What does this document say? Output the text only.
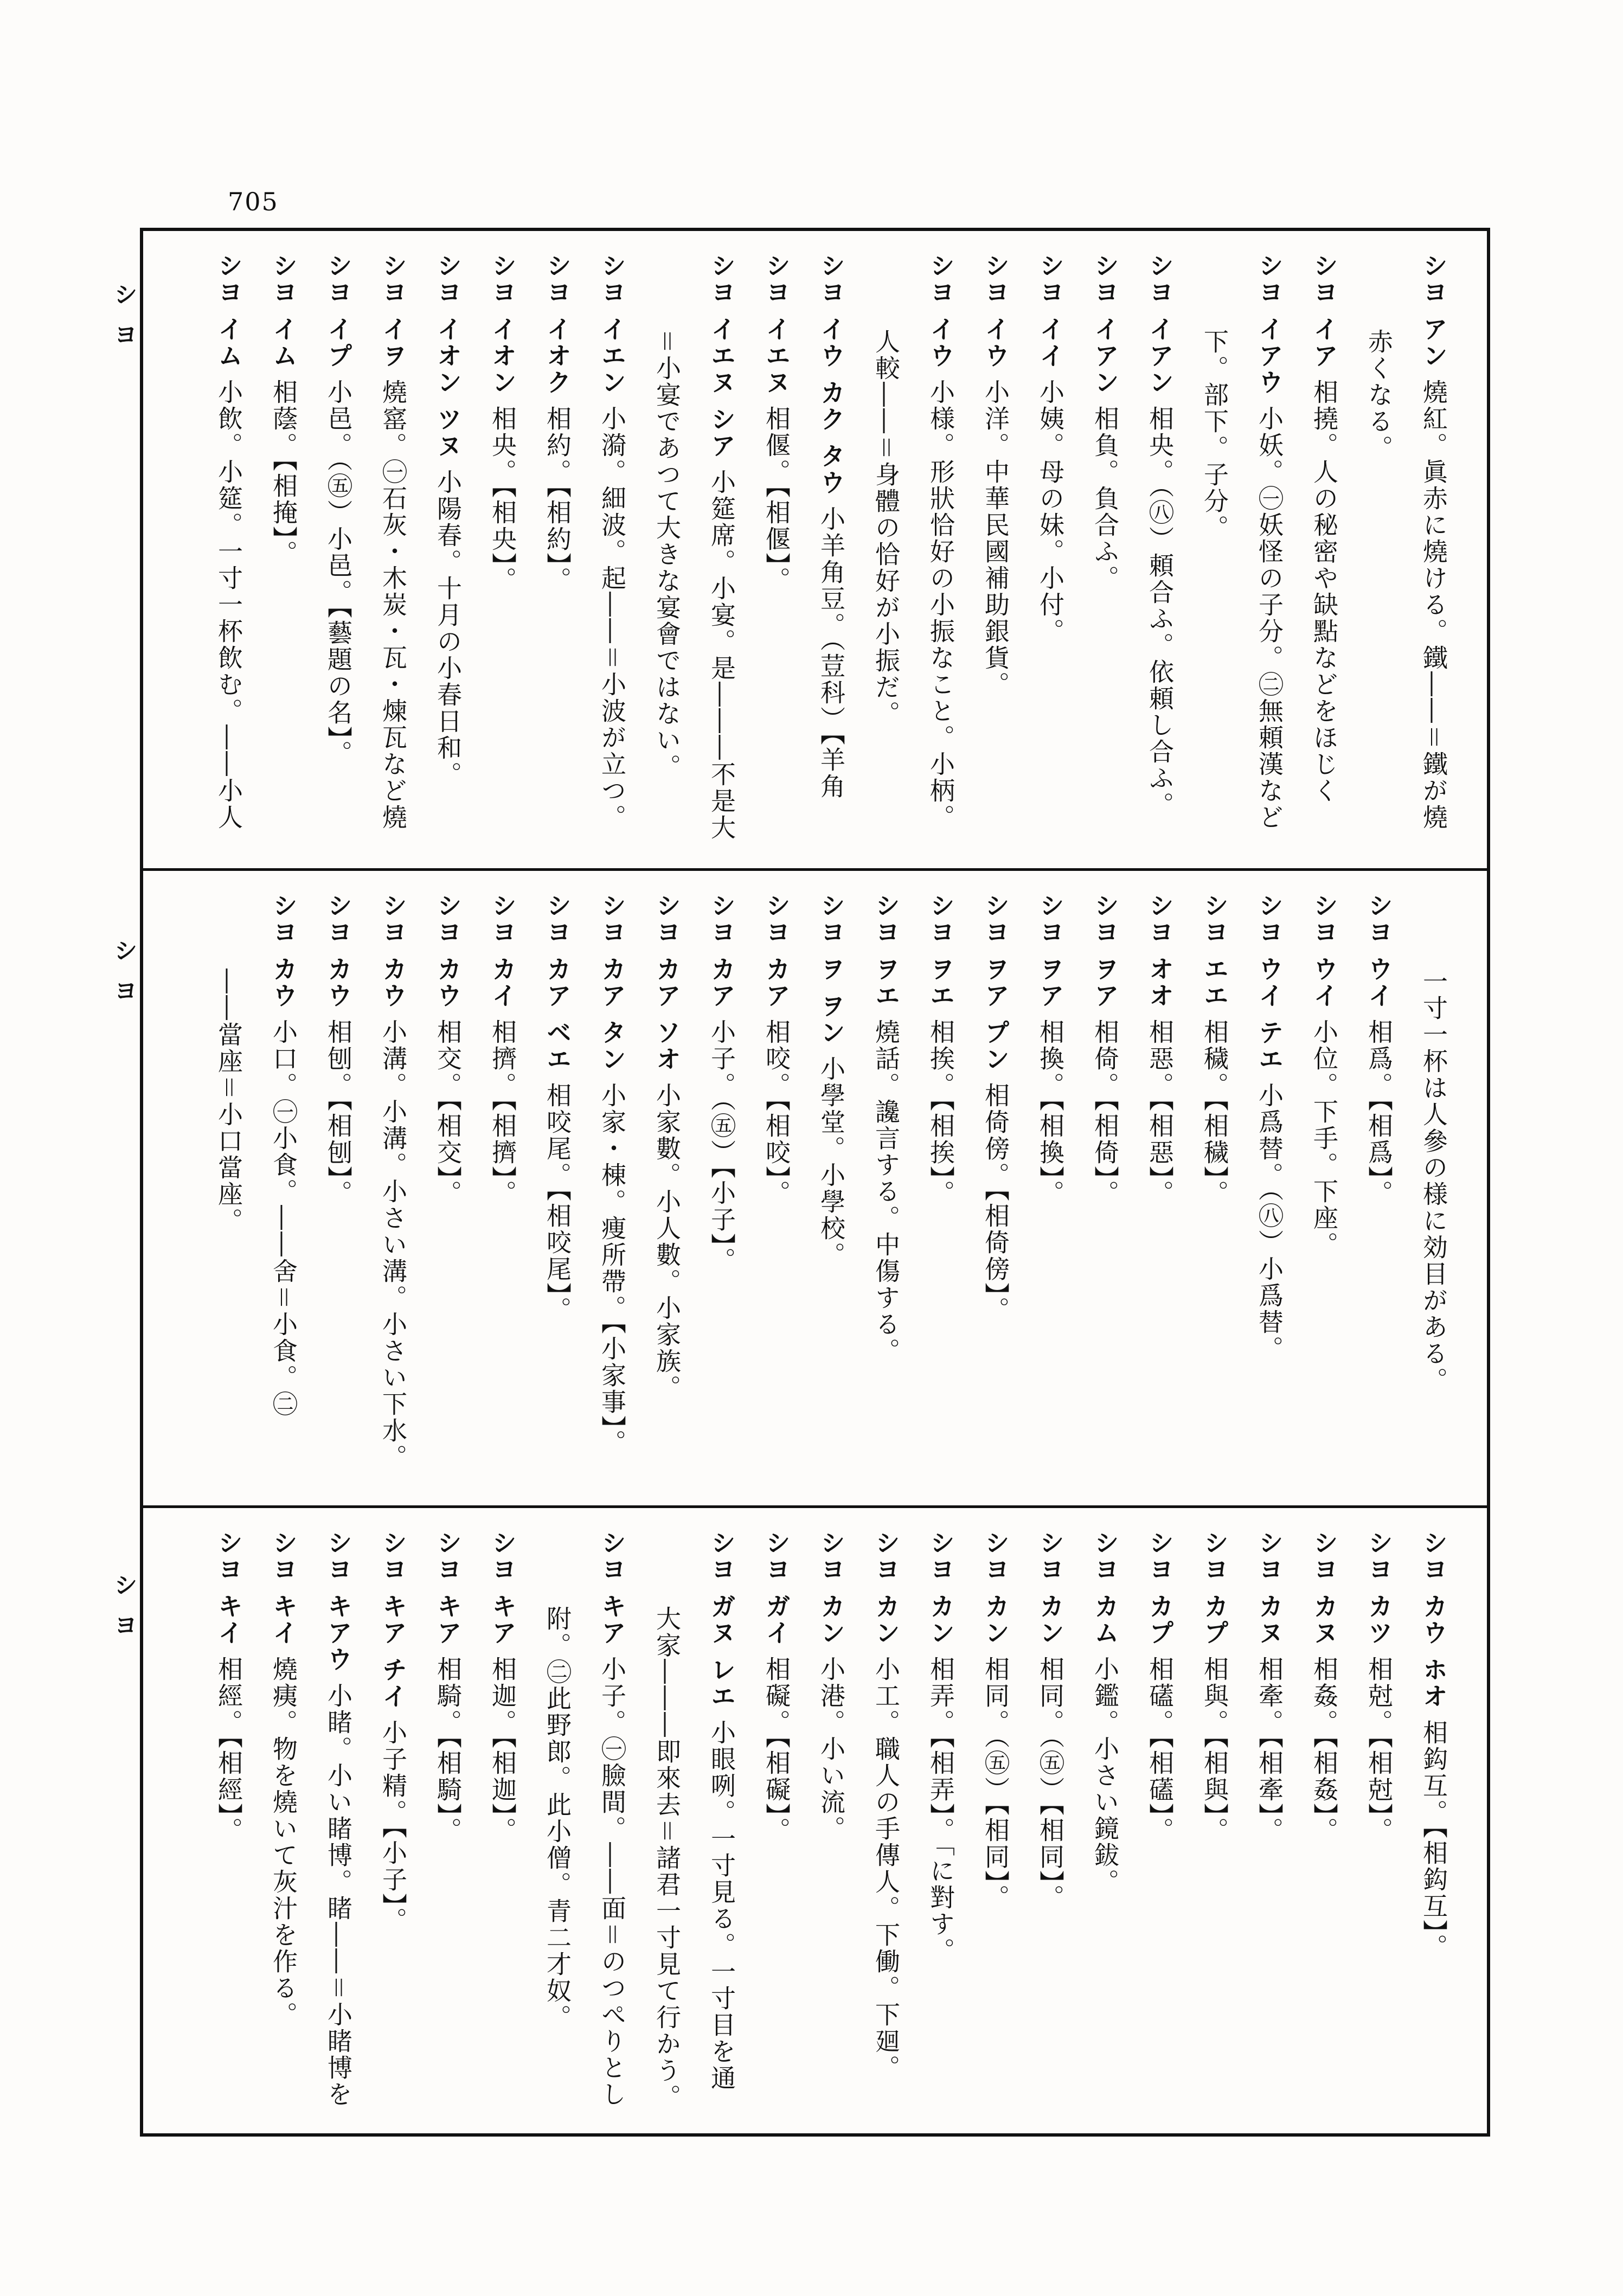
705
シヨ
シヨ
シヨ
シヨ アン燒紅。眞赤に燒ける。鐵――＝鐵が燒
赤くなる。
シヨ イア相撓。人の秘密や缺點などをほじく
シヨ イアウ小妖。㊀妖怪の子分。㊁無頼漢など
下。部下。子分。
シヨ イアン相央。（㊇）頼合ふ。依頼し合ふ。
シヨ イアン相負。負合ふ。
シヨ イイ小姨。母の妹。小付。
シヨ イウ小洋。中華民國補助銀貨。
シヨ イウ小様。形狀恰好の小振なこと。小柄。
人較――＝身體の恰好が小振だ。
シヨ イウ カク タウ小羊角豆。（荳科）【羊角
シヨ イエヌ相偃。【相偃】。
シヨ イエヌ シア小筵席。小宴。是―――不是大
＝小宴であつて大きな宴會ではない。
シヨ イエン小漪。細波。起――＝小波が立つ。
シヨ イオク相約。【相約】。
シヨ イオン相央。【相央】。
シヨ イオン ツヌ小陽春。十月の小春日和。
シヨ イヲ燒窰。㊀石灰・木炭・瓦・煉瓦など燒
シヨ イプ小邑。（㊄）小邑。【藝題の名】。
シヨ イム相蔭。【相掩】。
シヨ イム小飲。小筵。一寸一杯飲む。――小人
一寸一杯は人參の様に効目がある。
シヨ ウイ相爲。【相爲】。
シヨ ウイ小位。下手。下座。
シヨ ウイ テエ小爲替。（㊇）小爲替。
シヨ エエ相穢。【相穢】。
シヨ オオ相惡。【相惡】。
シヨ ヲア相倚。【相倚】。
シヨ ヲア相換。【相換】。
シヨ ヲア プン相倚傍。【相倚傍】。
シヨ ヲエ相挨。【相挨】。
シヨ ヲエ燒話。讒言する。中傷する。
シヨ ヲ ヲン小學堂。小學校。
シヨ カア相咬。【相咬】。
シヨ カア小子。（㊄）【小子】。
シヨ カア ソオ小家數。小人數。小家族。
シヨ カア タン小家・棟。痩所帶。【小家事】。
シヨ カア ベエ相咬尾。【相咬尾】。
シヨ カイ相擠。【相擠】。
シヨ カウ相交。【相交】。
シヨ カウ小溝。小溝。小さい溝。小さい下水。
シヨ カウ相刨。【相刨】。
シヨ カウ小口。㊀小食。――舍＝小食。㊁
――當座＝小口當座。
シヨ カウ ホオ相鈎互。【相鈎互】。
シヨ カツ相尅。【相尅】。
シヨ カヌ相姦。【相姦】。
シヨ カヌ相牽。【相牽】。
シヨ カプ相與。【相與】。
シヨ カプ相礚。【相礚】。
シヨ カム小鑑。小さい鏡鈸。
シヨ カン相同。（㊄）【相同】。
シヨ カン相同。（㊄）【相同】。
シヨ カン相弄。【相弄】。「に對す。
シヨ カン小工。職人の手傳人。下働。下廻。
シヨ カン小港。小い流。
シヨ ガイ相礙。【相礙】。
シヨ ガヌ レエ小眼咧。一寸見る。一寸目を通
大家―――即來去＝諸君一寸見て行かう。
シヨ キア小子。㊀臉間。――面＝のつぺりとし
附。㊁此野郎。此小僧。青二才奴。
シヨ キア相迦。【相迦】。
シヨ キア相騎。【相騎】。
シヨ キア チイ小子精。【小子】。
シヨ キアウ小睹。小い睹博。睹――＝小睹博を
シヨ キイ燒痍。物を燒いて灰汁を作る。
シヨ キイ相經。【相經】。
